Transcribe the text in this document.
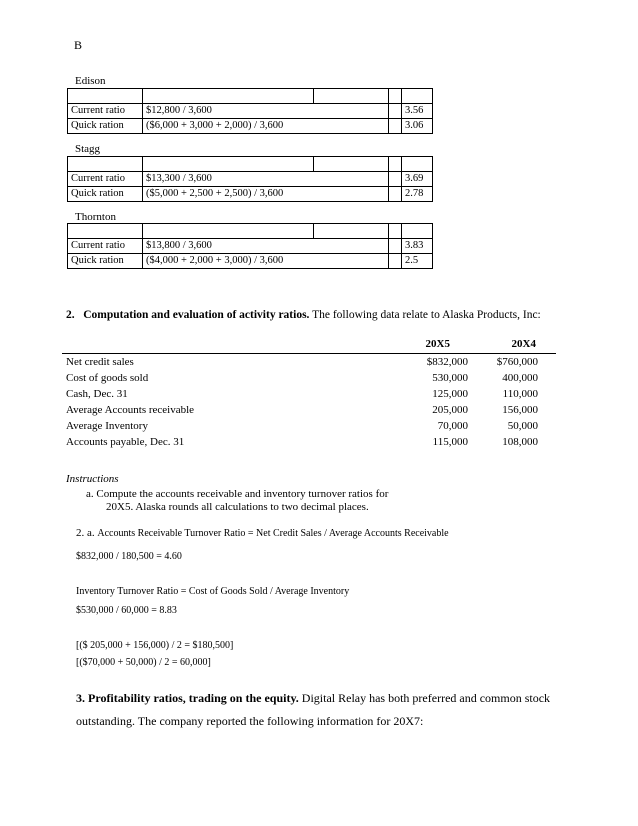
B
Edison

Current ratio	$12,800 / 3,600			3.56
Quick ration	($6,000 + 3,000 + 2,000) / 3,600			3.06
Stagg

Current ratio	$13,300 / 3,600			3.69
Quick ration	($5,000 + 2,500 + 2,500) / 3,600			2.78
Thornton

Current ratio	$13,800 / 3,600			3.83
Quick ration	($4,000 + 2,000 + 3,000) / 3,600			2.5
2. Computation and evaluation of activity ratios. The following data relate to Alaska Products, Inc:
20X5	20X4
Net credit sales	$832,000	$760,000
Cost of goods sold	530,000	400,000
Cash, Dec. 31	125,000	110,000
Average Accounts receivable	205,000	156,000
Average Inventory	70,000	50,000
Accounts payable, Dec. 31	115,000	108,000
Instructions
a. Compute the accounts receivable and inventory turnover ratios for
20X5. Alaska rounds all calculations to two decimal places.
2. a. Accounts Receivable Turnover Ratio = Net Credit Sales / Average Accounts Receivable
$832,000 / 180,500 = 4.60
Inventory Turnover Ratio = Cost of Goods Sold / Average Inventory
$530,000 / 60,000 = 8.83
[($ 205,000 + 156,000) / 2 = $180,500]
[($70,000 + 50,000) / 2 = 60,000]
3. Profitability ratios, trading on the equity. Digital Relay has both preferred and common stock
outstanding. The company reported the following information for 20X7:
